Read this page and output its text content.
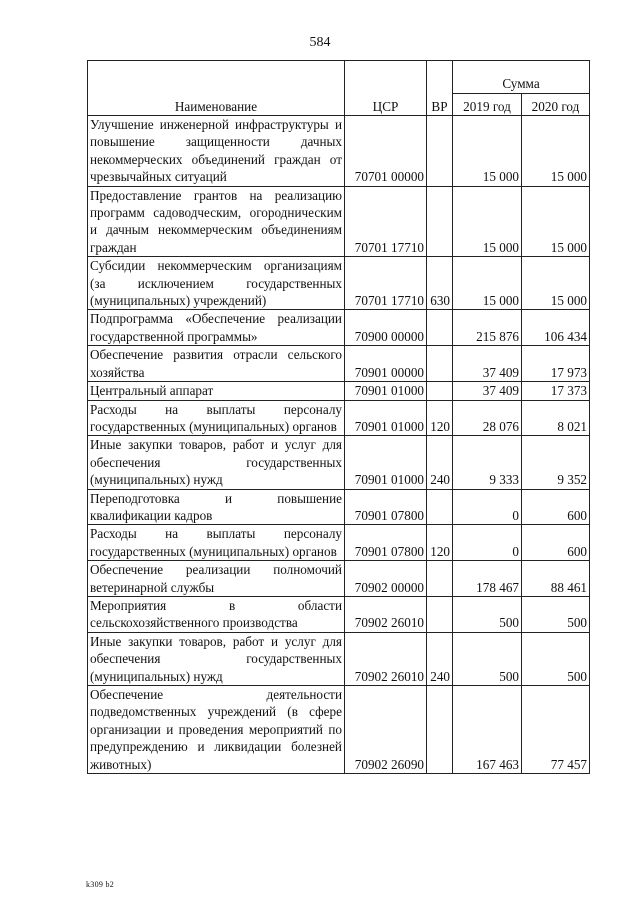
584
Наименование	ЦСР	ВР	Сумма	
			2019 год	2020 год
Улучшение инженерной инфраструктуры и повышение защищенности дачных некоммерческих объединений граждан от чрезвычайных ситуаций	70701 00000		15 000	15 000
Предоставление грантов на реализацию программ садоводческим, огородническим и дачным некоммерческим объединениям граждан	70701 17710		15 000	15 000
Субсидии некоммерческим организациям (за исключением государственных (муниципальных) учреждений)	70701 17710	630	15 000	15 000
Подпрограмма «Обеспечение реализации государственной программы»	70900 00000		215 876	106 434
Обеспечение развития отрасли сельского хозяйства	70901 00000		37 409	17 973
Центральный аппарат	70901 01000		37 409	17 373
Расходы на выплаты персоналу государственных (муниципальных) органов	70901 01000	120	28 076	8 021
Иные закупки товаров, работ и услуг для обеспечения государственных (муниципальных) нужд	70901 01000	240	9 333	9 352
Переподготовка и повышение квалификации кадров	70901 07800		0	600
Расходы на выплаты персоналу государственных (муниципальных) органов	70901 07800	120	0	600
Обеспечение реализации полномочий ветеринарной службы	70902 00000		178 467	88 461
Мероприятия в области сельскохозяйственного производства	70902 26010		500	500
Иные закупки товаров, работ и услуг для обеспечения государственных (муниципальных) нужд	70902 26010	240	500	500
Обеспечение деятельности подведомственных учреждений (в сфере организации и проведения мероприятий по предупреждению и ликвидации болезней животных)	70902 26090		167 463	77 457
k309 b2
